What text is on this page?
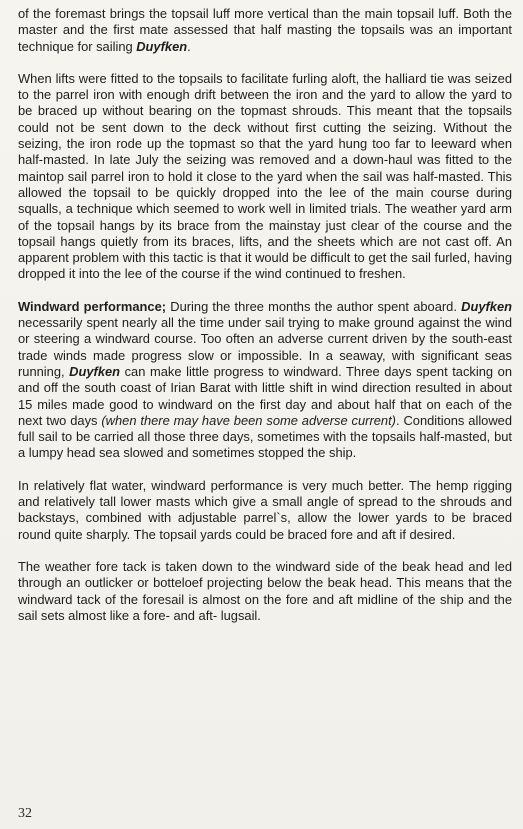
of the foremast brings the topsail luff more vertical than the main topsail luff. Both the master and the first mate assessed that half masting the topsails was an important technique for sailing Duyfken.

When lifts were fitted to the topsails to facilitate furling aloft, the halliard tie was seized to the parrel iron with enough drift between the iron and the yard to allow the yard to be braced up without bearing on the topmast shrouds. This meant that the topsails could not be sent down to the deck without first cutting the seizing. Without the seizing, the iron rode up the topmast so that the yard hung too far to leeward when half-masted. In late July the seizing was removed and a down-haul was fitted to the maintop sail parrel iron to hold it close to the yard when the sail was half-masted. This allowed the topsail to be quickly dropped into the lee of the main course during squalls, a technique which seemed to work well in limited trials. The weather yard arm of the topsail hangs by its brace from the mainstay just clear of the course and the topsail hangs quietly from its braces, lifts, and the sheets which are not cast off. An apparent problem with this tactic is that it would be difficult to get the sail furled, having dropped it into the lee of the course if the wind continued to freshen.

Windward performance; During the three months the author spent aboard. Duyfken necessarily spent nearly all the time under sail trying to make ground against the wind or steering a windward course. Too often an adverse current driven by the south-east trade winds made progress slow or impossible. In a seaway, with significant seas running, Duyfken can make little progress to windward. Three days spent tacking on and off the south coast of Irian Barat with little shift in wind direction resulted in about 15 miles made good to windward on the first day and about half that on each of the next two days (when there may have been some adverse current). Conditions allowed full sail to be carried all those three days, sometimes with the topsails half-masted, but a lumpy head sea slowed and sometimes stopped the ship.

In relatively flat water, windward performance is very much better. The hemp rigging and relatively tall lower masts which give a small angle of spread to the shrouds and backstays, combined with adjustable parrel`s, allow the lower yards to be braced round quite sharply. The topsail yards could be braced fore and aft if desired.

The weather fore tack is taken down to the windward side of the beak head and led through an outlicker or botteloef projecting below the beak head. This means that the windward tack of the foresail is almost on the fore and aft midline of the ship and the sail sets almost like a fore- and aft- lugsail.

32
